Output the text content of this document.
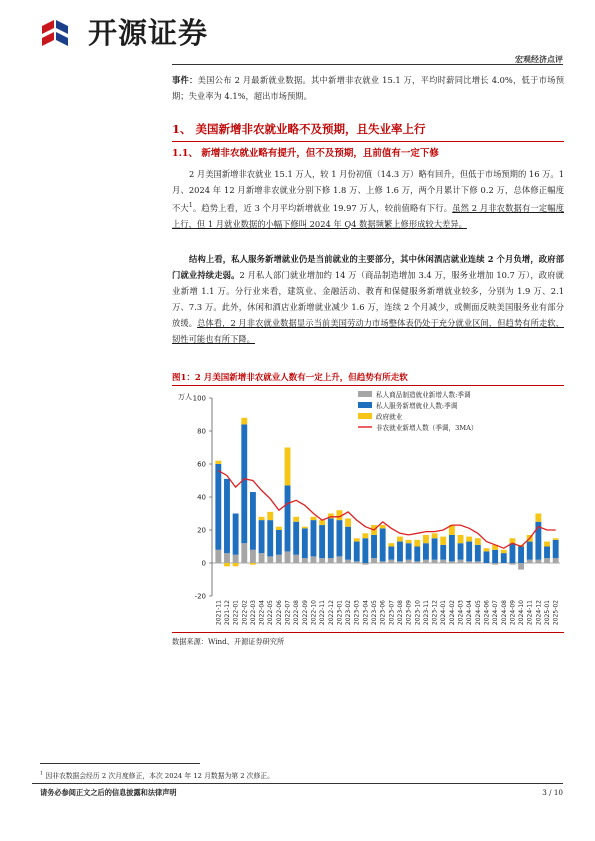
开源证券
宏观经济点评
事件：美国公布 2 月最新就业数据。其中新增非农就业 15.1 万，平均时薪同比增长 4.0%，低于市场预期；失业率为 4.1%，超出市场预期。
1、 美国新增非农就业略不及预期，且失业率上行
1.1、 新增非农就业略有提升，但不及预期，且前值有一定下修
2 月美国新增非农就业 15.1 万人，较 1 月份初值（14.3 万）略有回升，但低于市场预期的 16 万。1 月、2024 年 12 月新增非农就业分别下修 1.8 万、上修 1.6 万，两个月累计下修 0.2 万，总体修正幅度不大$^1$。趋势上看，近 3 个月平均新增就业 19.97 万人，较前值略有下行。虽然 2 月非农数据有一定幅度上行，但 1 月就业数据的小幅下修叫 2024 年 Q4 数据频繁上修形成较大差异。
结构上看，私人服务新增就业仍是当前就业的主要部分，其中休闲酒店就业连续 2 个月负增，政府部门就业持续走弱。2 月私人部门就业增加约 14 万（商品制造增加 3.4 万，服务业增加 10.7 万），政府就业新增 1.1 万。分行业来看，建筑业、金融活动、教育和保健服务新增就业较多，分别为 1.9 万、2.1 万、7.3 万。此外，休闲和酒店业新增就业减少 1.6 万，连续 2 个月减少，或侧面反映美国服务业有部分放缓。总体看，2 月非农就业数据显示当前美国劳动力市场整体表仍处于充分就业区间，但趋势有所走软，韧性可能也有所下降。
图1：2 月美国新增非农就业人数有一定上升，但趋势有所走软
万人
-20
0
20
40
60
80
100
2021-11 2021-12 2022-01 2022-02 2022-03 2022-04 2022-05 2022-06 2022-07 2022-08 2022-09 2022-10 2022-11 2022-12 2023-01 2023-02 2023-03 2023-04 2023-05 2023-06 2023-07 2023-08 2023-09 2023-10 2023-11 2023-12 2024-01 2024-02 2024-03 2024-04 2024-05 2024-06 2024-07 2024-08 2024-09 2024-10 2024-11 2024-12 2025-01 2025-02
私人商品制造就业新增人数:季调
私人服务新增就业人数:季调
政府就业
非农就业新增人数（季调，3MA）
数据来源：Wind、开源证券研究所
$^1$ 因非农数据会经历 2 次月度修正，本次 2024 年 12 月数据为第 2 次修正。
请务必参阅正文之后的信息披露和法律声明	3 / 10
